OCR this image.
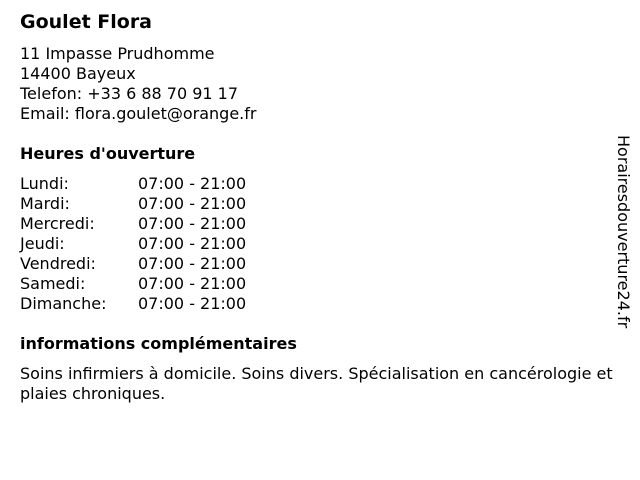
Goulet Flora
11 Impasse Prudhomme
14400 Bayeux
Telefon: +33 6 88 70 91 17
Email: flora.goulet@orange.fr
Heures d'ouverture
Lundi:	07:00 - 21:00
Mardi:	07:00 - 21:00
Mercredi:	07:00 - 21:00
Jeudi:	07:00 - 21:00
Vendredi:	07:00 - 21:00
Samedi:	07:00 - 21:00
Dimanche: 07:00 - 21:00
informations complémentaires
Soins infirmiers à domicile. Soins divers. Spécialisation en cancérologie et plaies chroniques.
Horairesdouverture24.fr
